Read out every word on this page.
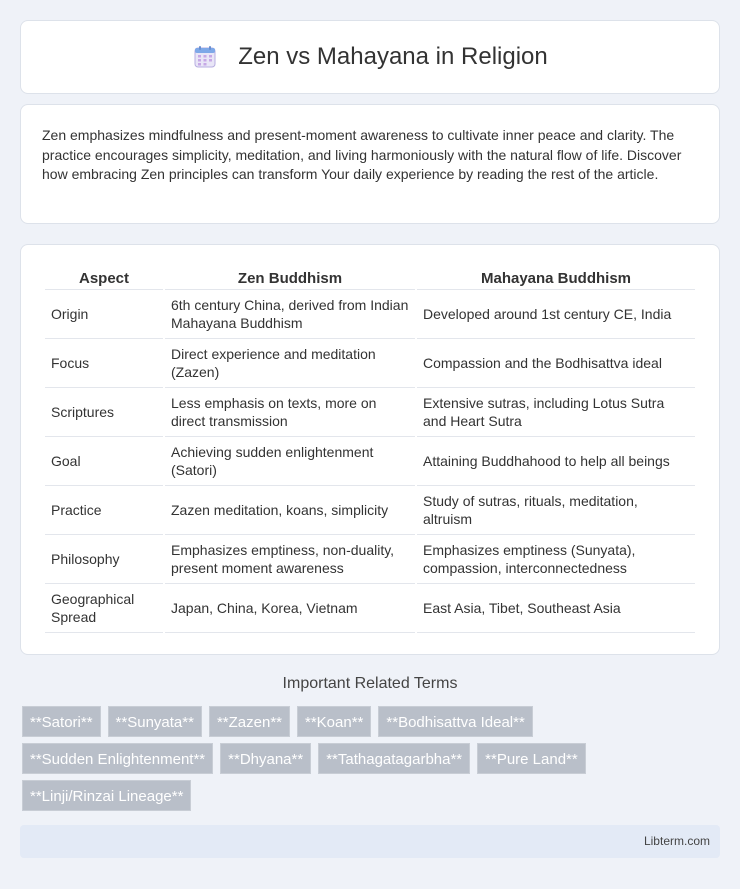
Zen vs Mahayana in Religion

Zen emphasizes mindfulness and present-moment awareness to cultivate inner peace and clarity. The practice encourages simplicity, meditation, and living harmoniously with the natural flow of life. Discover how embracing Zen principles can transform Your daily experience by reading the rest of the article.

Aspect	Zen Buddhism	Mahayana Buddhism
Origin	6th century China, derived from Indian Mahayana Buddhism	Developed around 1st century CE, India
Focus	Direct experience and meditation (Zazen)	Compassion and the Bodhisattva ideal
Scriptures	Less emphasis on texts, more on direct transmission	Extensive sutras, including Lotus Sutra and Heart Sutra
Goal	Achieving sudden enlightenment (Satori)	Attaining Buddhahood to help all beings
Practice	Zazen meditation, koans, simplicity	Study of sutras, rituals, meditation, altruism
Philosophy	Emphasizes emptiness, non-duality, present moment awareness	Emphasizes emptiness (Sunyata), compassion, interconnectedness
Geographical Spread	Japan, China, Korea, Vietnam	East Asia, Tibet, Southeast Asia
Important Related Terms
**Satori**	**Sunyata**	**Zazen**	**Koan**	**Bodhisattva Ideal**
**Sudden Enlightenment**	**Dhyana**	**Tathagatagarbha**	**Pure Land**
**Linji/Rinzai Lineage**
Libterm.com
